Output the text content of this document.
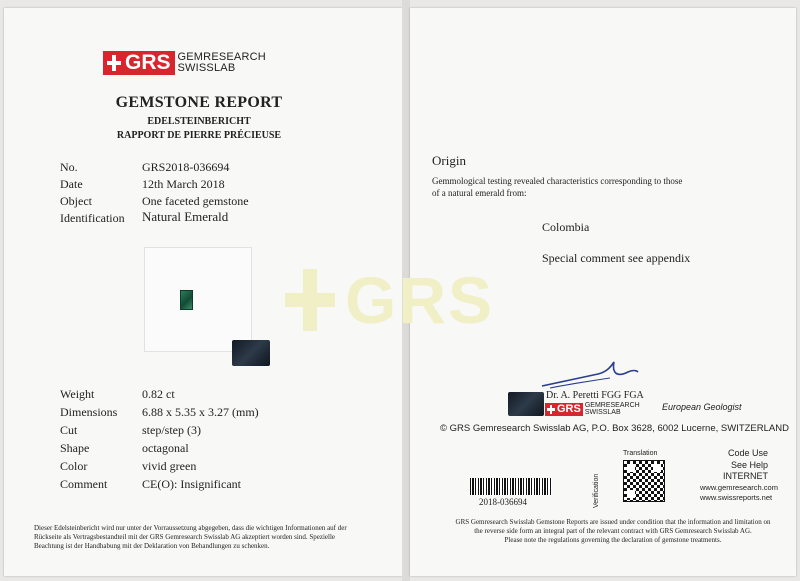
GRS
GRS GEMRESEARCH
SWISSLAB
GEMSTONE REPORT
EDELSTEINBERICHT
RAPPORT DE PIERRE PRÉCIEUSE
No.	GRS2018-036694
Date	12th March 2018
Object	One faceted gemstone
Identification Natural Emerald
Weight	0.82 ct
Dimensions 6.88 x 5.35 x 3.27 (mm)
Cut	step/step (3)
Shape	octagonal
Color	vivid green
Comment	CE(O): Insignificant
Dieser Edelsteinbericht wird nur unter der Vorraussetzung abgegeben, dass die wichtigen Informationen auf der
Rückseite als Vertragsbestandteil mit der GRS Gemresearch Swisslab AG akzeptiert worden sind. Spezielle
Beachtung ist der Handhabung mit der Deklaration von Behandlungen zu schenken.
Origin
Gemmological testing revealed characteristics corresponding to those
of a natural emerald from:
Colombia
Special comment see appendix
Dr. A. Peretti FGG FGA
GRS GEMRESEARCH
SWISSLAB
European Geologist
© GRS Gemresearch Swisslab AG, P.O. Box 3628, 6002 Lucerne, SWITZERLAND
2018-036694	Verification
Translation	Code Use
See Help
INTERNET
www.gemresearch.com
www.swissreports.net
GRS Gemresearch Swisslab Gemstone Reports are issued under condition that the information and limitation on
the reverse side form an integral part of the relevant contract with GRS Gemresearch Swisslab AG.
Please note the regulations governing the declaration of gemstone treatments.
